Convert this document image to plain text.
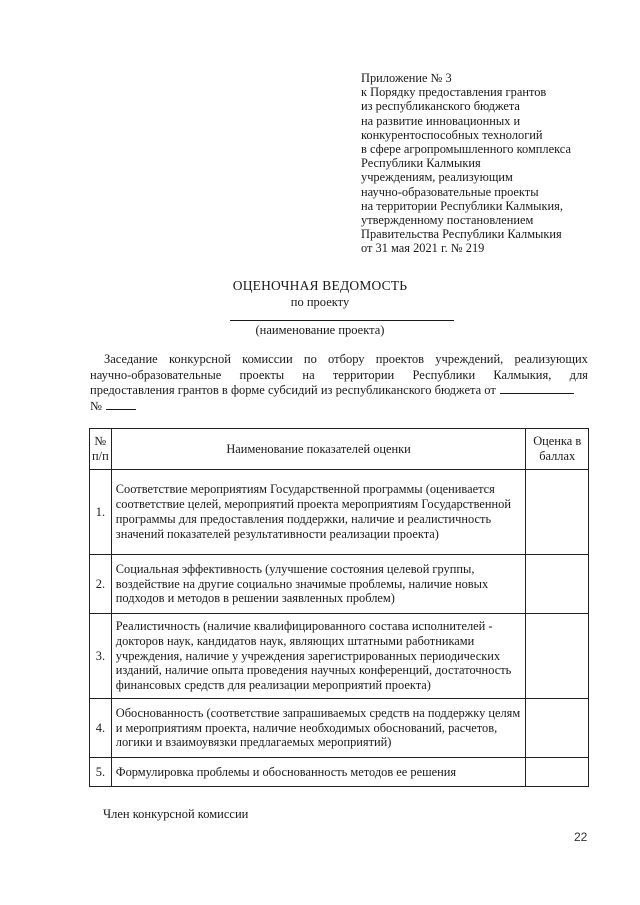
Приложение № 3
к Порядку предоставления грантов
из республиканского бюджета
на развитие инновационных и
конкурентоспособных технологий
в сфере агропромышленного комплекса
Республики Калмыкия
учреждениям, реализующим
научно-образовательные проекты
на территории Республики Калмыкия,
утвержденному постановлением
Правительства Республики Калмыкия
от 31 мая 2021 г. № 219
ОЦЕНОЧНАЯ ВЕДОМОСТЬ
по проекту
(наименование проекта)
Заседание конкурсной комиссии по отбору проектов учреждений, реализующих
научно-образовательные проекты на территории Республики Калмыкия, для
предоставления грантов в форме субсидий из республиканского бюджета от
№
№ п/п	Наименование показателей оценки	Оценка в баллах
1.	Соответствие мероприятиям Государственной программы (оценивается соответствие целей, мероприятий проекта мероприятиям Государственной программы для предоставления поддержки, наличие и реалистичность значений показателей результативности реализации проекта)	
2.	Социальная эффективность (улучшение состояния целевой группы, воздействие на другие социально значимые проблемы, наличие новых подходов и методов в решении заявленных проблем)	
3.	Реалистичность (наличие квалифицированного состава исполнителей - докторов наук, кандидатов наук, являющих штатными работниками учреждения, наличие у учреждения зарегистрированных периодических изданий, наличие опыта проведения научных конференций, достаточность финансовых средств для реализации мероприятий проекта)	
4.	Обоснованность (соответствие запрашиваемых средств на поддержку целям и мероприятиям проекта, наличие необходимых обоснований, расчетов, логики и взаимоувязки предлагаемых мероприятий)	
5.	Формулировка проблемы и обоснованность методов ее решения	
Член конкурсной комиссии
22
